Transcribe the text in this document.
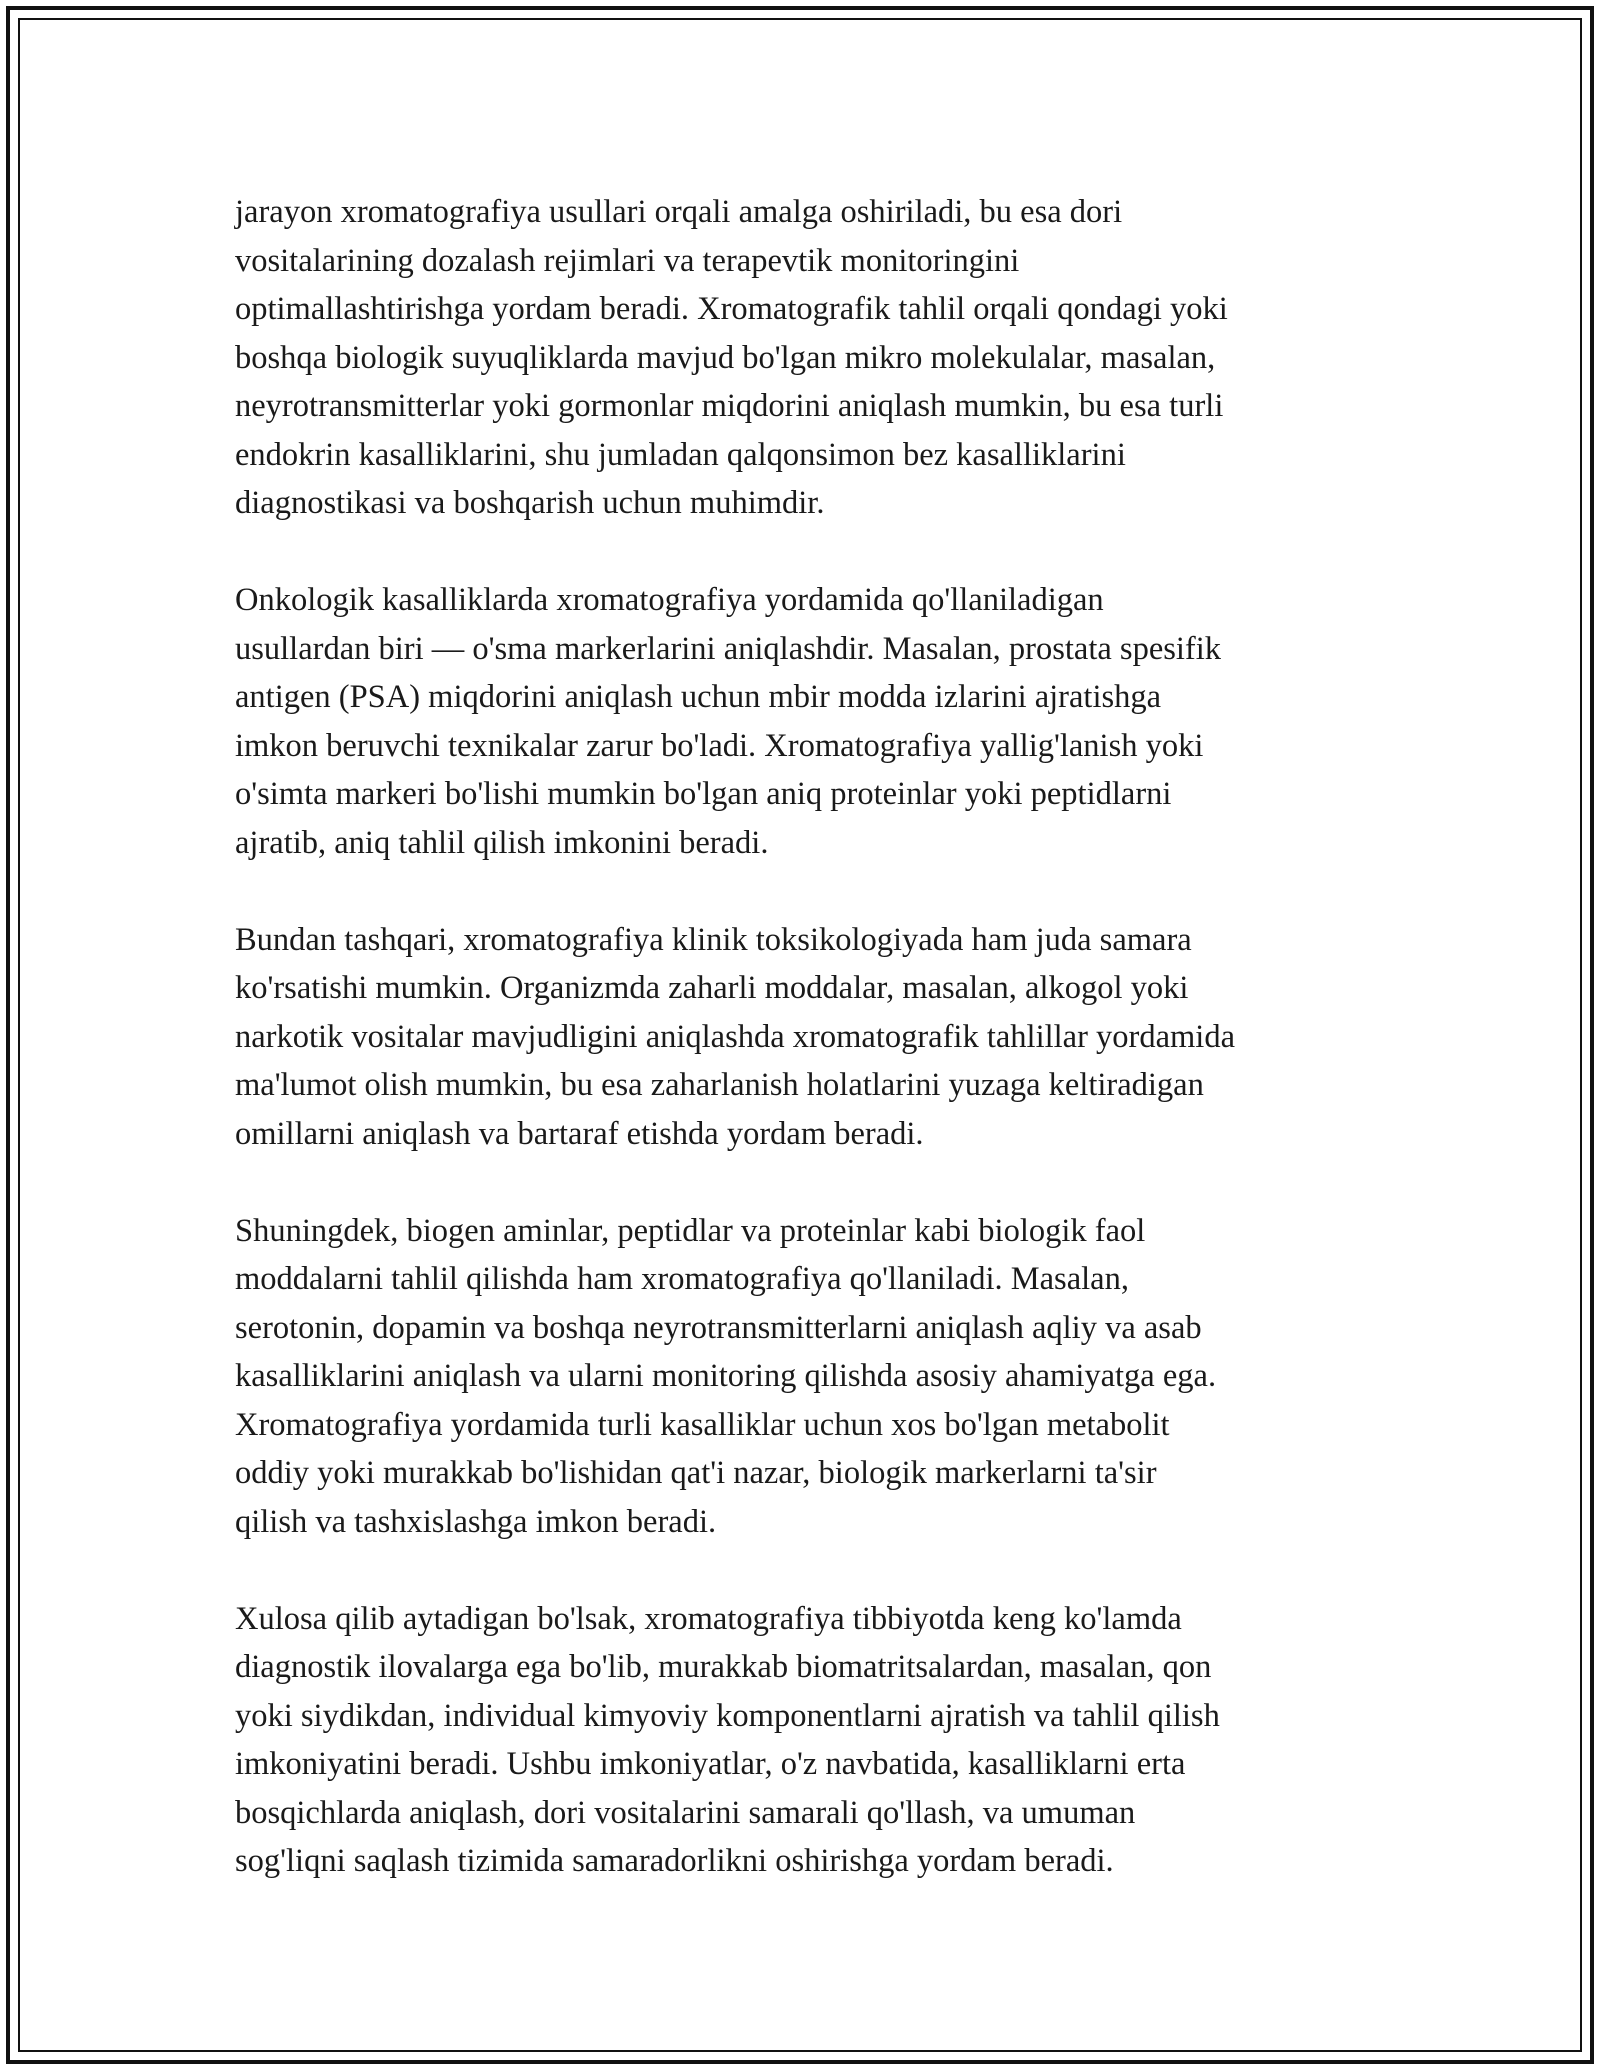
jarayon xromatografiya usullari orqali amalga oshiriladi, bu esa dori
vositalarining dozalash rejimlari va terapevtik monitoringini
optimallashtirishga yordam beradi. Xromatografik tahlil orqali qondagi yoki
boshqa biologik suyuqliklarda mavjud bo'lgan mikro molekulalar, masalan,
neyrotransmitterlar yoki gormonlar miqdorini aniqlash mumkin, bu esa turli
endokrin kasalliklarini, shu jumladan qalqonsimon bez kasalliklarini
diagnostikasi va boshqarish uchun muhimdir.

Onkologik kasalliklarda xromatografiya yordamida qo'llaniladigan
usullardan biri — o'sma markerlarini aniqlashdir. Masalan, prostata spesifik
antigen (PSA) miqdorini aniqlash uchun mbir modda izlarini ajratishga
imkon beruvchi texnikalar zarur bo'ladi. Xromatografiya yallig'lanish yoki
o'simta markeri bo'lishi mumkin bo'lgan aniq proteinlar yoki peptidlarni
ajratib, aniq tahlil qilish imkonini beradi.

Bundan tashqari, xromatografiya klinik toksikologiyada ham juda samara
ko'rsatishi mumkin. Organizmda zaharli moddalar, masalan, alkogol yoki
narkotik vositalar mavjudligini aniqlashda xromatografik tahlillar yordamida
ma'lumot olish mumkin, bu esa zaharlanish holatlarini yuzaga keltiradigan
omillarni aniqlash va bartaraf etishda yordam beradi.

Shuningdek, biogen aminlar, peptidlar va proteinlar kabi biologik faol
moddalarni tahlil qilishda ham xromatografiya qo'llaniladi. Masalan,
serotonin, dopamin va boshqa neyrotransmitterlarni aniqlash aqliy va asab
kasalliklarini aniqlash va ularni monitoring qilishda asosiy ahamiyatga ega.
Xromatografiya yordamida turli kasalliklar uchun xos bo'lgan metabolit
oddiy yoki murakkab bo'lishidan qat'i nazar, biologik markerlarni ta'sir
qilish va tashxislashga imkon beradi.

Xulosa qilib aytadigan bo'lsak, xromatografiya tibbiyotda keng ko'lamda
diagnostik ilovalarga ega bo'lib, murakkab biomatritsalardan, masalan, qon
yoki siydikdan, individual kimyoviy komponentlarni ajratish va tahlil qilish
imkoniyatini beradi. Ushbu imkoniyatlar, o'z navbatida, kasalliklarni erta
bosqichlarda aniqlash, dori vositalarini samarali qo'llash, va umuman
sog'liqni saqlash tizimida samaradorlikni oshirishga yordam beradi.
